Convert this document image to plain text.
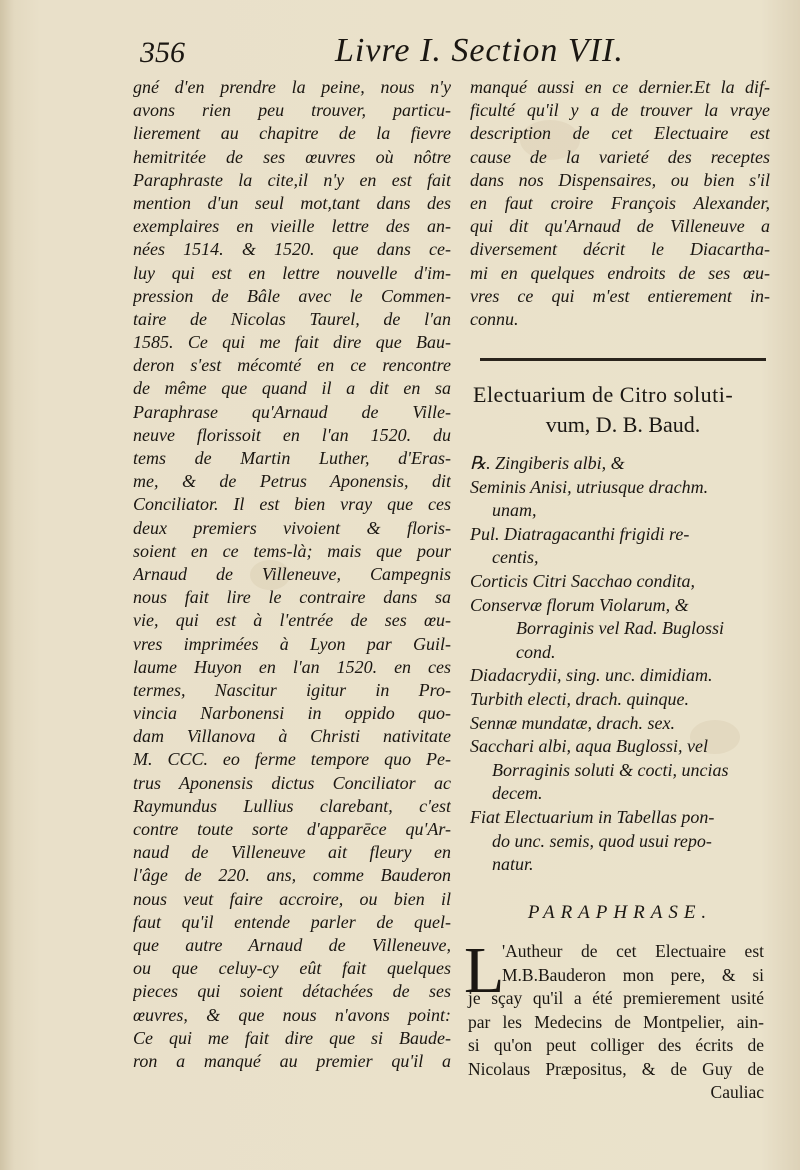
356	Livre I. Section VII.
gné d'en prendre la peine, nous n'y
avons rien peu trouver, particu-
lierement au chapitre de la fievre
hemitritée de ses œuvres où nôtre
Paraphraste la cite,il n'y en est fait
mention d'un seul mot,tant dans des
exemplaires en vieille lettre des an-
nées 1514. & 1520. que dans ce-
luy qui est en lettre nouvelle d'im-
pression de Bâle avec le Commen-
taire de Nicolas Taurel, de l'an
1585. Ce qui me fait dire que Bau-
deron s'est mécomté en ce rencontre
de même que quand il a dit en sa
Paraphrase qu'Arnaud de Ville-
neuve florissoit en l'an 1520. du
tems de Martin Luther, d'Eras-
me, & de Petrus Aponensis, dit
Conciliator. Il est bien vray que ces
deux premiers vivoient & floris-
soient en ce tems-là; mais que pour
Arnaud de Villeneuve, Campegnis
nous fait lire le contraire dans sa
vie, qui est à l'entrée de ses œu-
vres imprimées à Lyon par Guil-
laume Huyon en l'an 1520. en ces
termes, Nascitur igitur in Pro-
vincia Narbonensi in oppido quo-
dam Villanova à Christi nativitate
M. CCC. eo ferme tempore quo Pe-
trus Aponensis dictus Conciliator ac
Raymundus Lullius clarebant, c'est
contre toute sorte d'apparēce qu'Ar-
naud de Villeneuve ait fleury en
l'âge de 220. ans, comme Bauderon
nous veut faire accroire, ou bien il
faut qu'il entende parler de quel-
que autre Arnaud de Villeneuve,
ou que celuy-cy eût fait quelques
pieces qui soient détachées de ses
œuvres, & que nous n'avons point:
Ce qui me fait dire que si Baude-
ron a manqué au premier qu'il a
manqué aussi en ce dernier.Et la dif-
ficulté qu'il y a de trouver la vraye
description de cet Electuaire est
cause de la varieté des receptes
dans nos Dispensaires, ou bien s'il
en faut croire François Alexander,
qui dit qu'Arnaud de Villeneuve a
diversement décrit le Diacartha-
mi en quelques endroits de ses œu-
vres ce qui m'est entierement in-
connu.
Electuarium de Citro soluti-
vum, D. B. Baud.
℞. Zingiberis albi, &
Seminis Anisi, utriusque drachm.
unam,
Pul. Diatragacanthi frigidi re-
centis,
Corticis Citri Sacchao condita,
Conservæ florum Violarum, &
Borraginis vel Rad. Buglossi
cond.
Diadacrydii, sing. unc. dimidiam.
Turbith electi, drach. quinque.
Sennæ mundatæ, drach. sex.
Sacchari albi, aqua Buglossi, vel
Borraginis soluti & cocti, uncias
decem.
Fiat Electuarium in Tabellas pon-
do unc. semis, quod usui repo-
natur.
PARAPHRASE.
L
'Autheur de cet Electuaire est
M.B.Bauderon mon pere, & si
je sçay qu'il a été premierement usité
par les Medecins de Montpelier, ain-
si qu'on peut colliger des écrits de
Nicolaus Præpositus, & de Guy de
Cauliac
